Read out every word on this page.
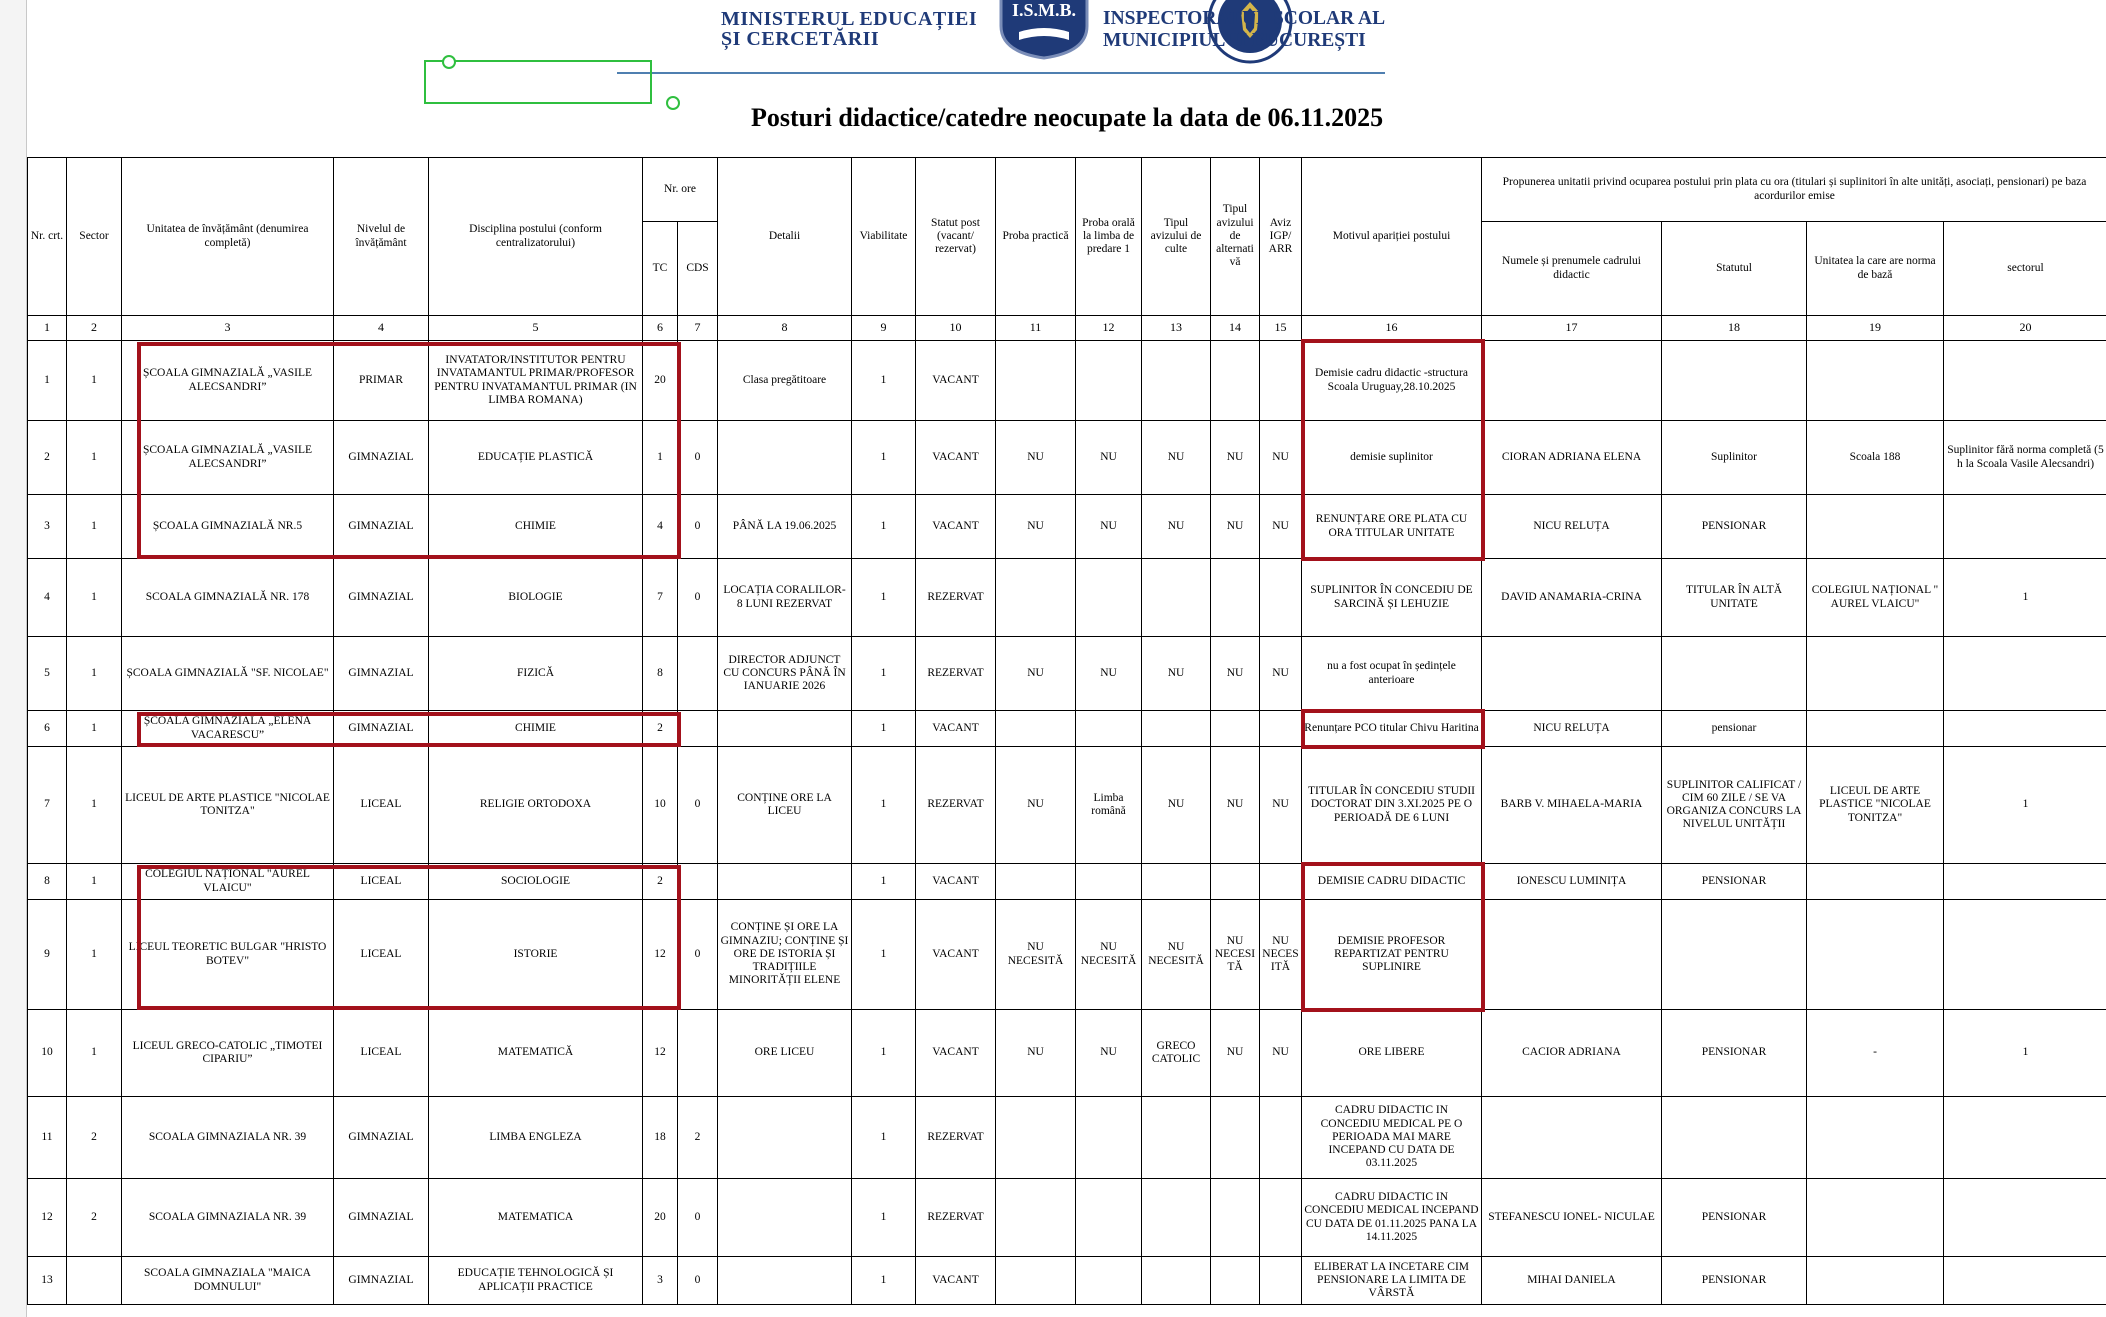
MINISTERUL EDUCAȚIEI
ȘI CERCETĂRII
I.S.M.B. INSPECTORATUL ȘCOLAR AL
MUNICIPIULUI BUCUREȘTI
Posturi didactice/catedre neocupate la data de 06.11.2025
Nr. crt.	Sector	Unitatea de învățământ (denumirea completă)	Nivelul de învățământ	Disciplina postului (conform centralizatorului)	Nr. ore		Detalii	Viabilitate	Statut post (vacant/ rezervat)	Proba practică	Proba orală la limba de predare 1	Tipul avizului de culte	Tipul avizului de alternati vă	Aviz IGP/ ARR	Motivul apariției postului	Propunerea unitatii privind ocuparea postului prin plata cu ora (titulari și suplinitori în alte unități, asociați, pensionari) pe baza acordurilor emise			
					TC	CDS										Numele și prenumele cadrului didactic	Statutul	Unitatea la care are norma de bază	sectorul
1	2	3	4	5	6	7	8	9	10	11	12	13	14	15	16	17	18	19	20
1	1	ȘCOALA GIMNAZIALĂ „VASILE ALECSANDRI”	PRIMAR	INVATATOR/INSTITUTOR PENTRU INVATAMANTUL PRIMAR/PROFESOR PENTRU INVATAMANTUL PRIMAR (IN LIMBA ROMANA)	20		Clasa pregătitoare	1	VACANT						Demisie cadru didactic -structura Scoala Uruguay,28.10.2025				
2	1	ȘCOALA GIMNAZIALĂ „VASILE ALECSANDRI”	GIMNAZIAL	EDUCAȚIE PLASTICĂ	1	0		1	VACANT	NU	NU	NU	NU	NU	demisie suplinitor	CIORAN ADRIANA ELENA	Suplinitor	Scoala 188	Suplinitor fără norma completă (5 h la Scoala Vasile Alecsandri)
3	1	ȘCOALA GIMNAZIALĂ NR.5	GIMNAZIAL	CHIMIE	4	0	PÂNĂ LA 19.06.2025	1	VACANT	NU	NU	NU	NU	NU	RENUNȚARE ORE PLATA CU ORA TITULAR UNITATE	NICU RELUȚA	PENSIONAR		
4	1	SCOALA GIMNAZIALĂ NR. 178	GIMNAZIAL	BIOLOGIE	7	0	LOCAȚIA CORALILOR- 8 LUNI REZERVAT	1	REZERVAT						SUPLINITOR ÎN CONCEDIU DE SARCINĂ ȘI LEHUZIE	DAVID ANAMARIA-CRINA	TITULAR ÎN ALTĂ UNITATE	COLEGIUL NAȚIONAL " AUREL VLAICU"	1
5	1	ȘCOALA GIMNAZIALĂ "SF. NICOLAE"	GIMNAZIAL	FIZICĂ	8		DIRECTOR ADJUNCT CU CONCURS PÂNĂ ÎN IANUARIE 2026	1	REZERVAT	NU	NU	NU	NU	NU	nu a fost ocupat în ședințele anterioare				
6	1	ȘCOALA GIMNAZIALĂ „ELENA VACARESCU”	GIMNAZIAL	CHIMIE	2			1	VACANT						Renunțare PCO titular Chivu Haritina	NICU RELUȚA	pensionar		
7	1	LICEUL DE ARTE PLASTICE "NICOLAE TONITZA"	LICEAL	RELIGIE ORTODOXA	10	0	CONȚINE ORE LA LICEU	1	REZERVAT	NU	Limba română	NU	NU	NU	TITULAR ÎN CONCEDIU STUDII DOCTORAT DIN 3.XI.2025 PE O PERIOADĂ DE 6 LUNI	BARB V. MIHAELA-MARIA	SUPLINITOR CALIFICAT / CIM 60 ZILE / SE VA ORGANIZA CONCURS LA NIVELUL UNITĂȚII	LICEUL DE ARTE PLASTICE "NICOLAE TONITZA"	1
8	1	COLEGIUL NAȚIONAL "AUREL VLAICU"	LICEAL	SOCIOLOGIE	2			1	VACANT						DEMISIE CADRU DIDACTIC	IONESCU LUMINIȚA	PENSIONAR		
9	1	LICEUL TEORETIC BULGAR "HRISTO BOTEV"	LICEAL	ISTORIE	12	0	CONȚINE ȘI ORE LA GIMNAZIU; CONȚINE ȘI ORE DE ISTORIA ȘI TRADIȚIILE MINORITĂȚII ELENE	1	VACANT	NU NECESITĂ	NU NECESITĂ	NU NECESITĂ	NU NECESI TĂ	NU NECES ITĂ	DEMISIE PROFESOR REPARTIZAT PENTRU SUPLINIRE				
10	1	LICEUL GRECO-CATOLIC „TIMOTEI CIPARIU”	LICEAL	MATEMATICĂ	12		ORE LICEU	1	VACANT	NU	NU	GRECO CATOLIC	NU	NU	ORE LIBERE	CACIOR ADRIANA	PENSIONAR	-	1
11	2	SCOALA GIMNAZIALA NR. 39	GIMNAZIAL	LIMBA ENGLEZA	18	2		1	REZERVAT						CADRU DIDACTIC IN CONCEDIU MEDICAL PE O PERIOADA MAI MARE INCEPAND CU DATA DE 03.11.2025				
12	2	SCOALA GIMNAZIALA NR. 39	GIMNAZIAL	MATEMATICA	20	0		1	REZERVAT						CADRU DIDACTIC IN CONCEDIU MEDICAL INCEPAND CU DATA DE 01.11.2025 PANA LA 14.11.2025	STEFANESCU IONEL- NICULAE	PENSIONAR		
13		SCOALA GIMNAZIALA "MAICA DOMNULUI"	GIMNAZIAL	EDUCAȚIE TEHNOLOGICĂ ȘI APLICAȚII PRACTICE	3	0		1	VACANT						ELIBERAT LA INCETARE CIM PENSIONARE LA LIMITA DE VÂRSTĂ	MIHAI DANIELA	PENSIONAR		
